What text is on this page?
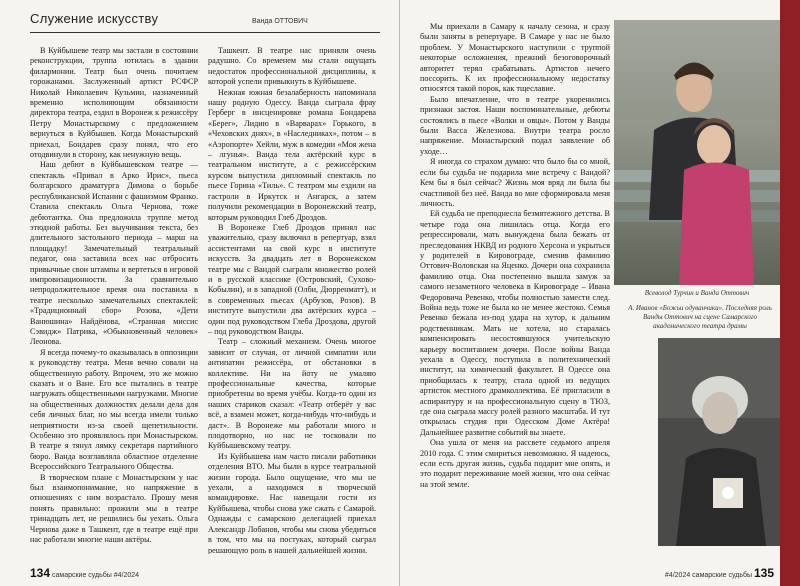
Служение искусству	Ванда ОТТОВИЧ

В Куйбышеве театр мы застали в состоянии реконструкции, труппа ютилась в здании филармонии. Театр был очень почитаем горожанами. Заслуженный артист РСФСР Николай Николаевич Кузьмин, назначенный временно исполняющим обязанности директора театра, ездил в Воронеж к режиссёру Петру Монастырскому с предложением вернуться в Куйбышев. Когда Монастырский приехал, Бондарев сразу понял, что его отодвинули в сторону, как ненужную вещь.

Наш дебют в Куйбышевском театре — спектакль «Привал в Арко Ирис», пьеса болгарского драматурга Димова о борьбе республиканской Испании с фашизмом Франко. Ставила спектакль Ольга Чернова, тоже дебютантка. Она предложила труппе метод этюдной работы. Без выучивания текста, без длительного застольного периода – марш на площадку! Замечательный театральный педагог, она заставила всех нас отбросить привычные свои штампы и вертеться в игровой импровизационности. За сравнительно непродолжительное время она поставила в театре несколько замечательных спектаклей: «Традиционный сбор» Розова, «Дети Ванюшина» Найдёнова, «Странная миссис Сэвидж» Патрика, «Обыкновенный человек» Леонова.

Я всегда почему-то оказывалась в оппозиции к руководству театра. Меня вечно совали на общественную работу. Впрочем, это же можно сказать и о Ване. Его все пытались в театре нагружать общественными нагрузками. Многие на общественных должностях делали дела для себя личных благ, но мы всегда имели только неприятности из-за своей щепетильности. Особенно это проявлялось при Монастырском. В театре я тянул лямку секретаря партийного бюро. Ванда возглавляла областное отделение Всероссийского Театрального Общества.

В творческом плане с Монастырским у нас был взаимопонимание, но напряжение в отношениях с ним возрастало. Прошу меня понять правильно: прожили мы в театре тринадцать лет, не решились бы уехать. Ольга Чернова даже в Ташкент, где в театре ещё при нас работали многие наши актёры.

Ташкент. В театре нас приняли очень радушно. Со временем мы стали ощущать недостаток профессиональной дисциплины, к которой успели привыкнуть в Куйбышеве.

Нежная южная безалаберность напоминала нашу родную Одессу. Ванда сыграла фрау Герберг в инсценировке романа Бондарева «Берег», Лидию в «Варварах» Горького, в «Чеховских днях», в «Наследниках», потом – в «Аэропорте» Хейли, муж в комедии «Моя жена – лгунья». Ванда тела актёрский курс в театральном институте, а с режиссёрским курсом выпустила дипломный спектакль по пьесе Горина «Тиль». С театром мы ездили на гастроли в Иркутск и Ангарск, а затем получили рекомендации в Воронежский театр, которым руководил Глеб Дроздов.

В Воронеже Глеб Дроздов принял нас уважительно, сразу включил в репертуар, взял ассистентами на свой курс в институте искусств. За двадцать лет в Воронежском театре мы с Вандой сыграли множество ролей и в русской классике (Островский, Сухово-Кобылин), и в западной (Олби, Дюрренматт), и в современных пьесах (Арбузов, Розов). В институте выпустили два актёрских курса – один под руководством Глеба Дроздова, другой – под руководством Ванды.

Театр – сложный механизм. Очень многое зависит от случая, от личной симпатии или антипатии режиссёра, от обстановки в коллективе. Ни на йоту не умаляю профессиональные качества, которые приобретены во время учёбы. Когда-то один из наших стариков сказал: «Театр отберёт у вас всё, а взамен может, когда-нибудь что-нибудь и даст». В Воронеже мы работали много и плодотворно, но нас не тосковали по Куйбышевскому театру.

Из Куйбышева нам часто писали работники отделения ВТО. Мы были в курсе театральной жизни города. Было ощущение, что мы не уехали, а находимся в творческой командировке. Нас навещали гости из Куйбышева, чтобы снова ужe сжать с Самарой. Однажды с самарскою делегацией приехал Александр Лобанов, чтобы мы снова убедиться в том, что мы на постуках, который сыграл решающую роль в нашей дальнейшей жизни.

134 самарские судьбы #4/2024

Мы приехали в Самару к началу сезона, и сразу были заняты в репертуаре. В Самаре у нас не было проблем. У Монастырского наступили с труппой некоторые осложнения, прежний безоговорочный авторитет терял срабатывать. Артистов нечего поссорить. К их профессиональному недостатку относятся такой порок, как тщеславие.

Было впечатление, что в театре укоренились признаки застоя. Наши воспоминательные, дебюты состоялись в пьесе «Волки и овцы». Потом у Ванды были Васса Железнова. Внутри театра росло напряжение. Монастырский подал заявление об уходе…

Я иногда со страхом думаю: что было бы со мной, если бы судьба не подарила мне встречу с Вандой? Кем бы я был сейчас? Жизнь моя вряд ли была бы счастливой без неё. Ванда во мне сформировала меня личность.

Ей судьба не преподнесла безмятежного детства. В четыре года она лишилась отца. Когда его репрессировали, мать вынуждена была бежать от преследования НКВД из родного Херсона и укрыться у родителей в Кировограде, сменив фамилию Оттович-Воловская на Яценко. Дочери она сохранила фамилию отца. Она постепенно вышла замуж за самого незаметного человека в Кировограде – Ивана Федоровича Ревенко, чтобы полностью замести след. Война ведь тоже не была ко не менее жестоко. Семья Ревенко бежала из-под удара на хутор, к дальним родственникам. Мать не хотела, но старалась компенсировать несостоявшуюся учительскую карьеру воспитанием дочери. После войны Ванда уехала в Одессу, поступила в политехнический институт, на химический факультет. В Одессе она приобщилась к театру, стала одной из ведущих артисток местного драмколлектива. Её пригласили в аспирантуру и на профессиональную сцену в ТЮЗ, где она сыграла массу ролей разного масштаба. И тут открылась студия при Одесском Доме Актёра! Дальнейшее развитие событий вы знаете.

Она ушла от меня на рассвете седьмого апреля 2010 года. С этим смириться невозможно. Я надеюсь, если есть другая жизнь, судьба подарит мне опять, и это подарит переживание моей жизни, что она сейчас на этой земле.

Всеволод Турчин и Ванда Оттович
А. Иванов «Божьи одуванчики». Последняя роль Ванды Оттович на сцене Самарского академического театра драмы
#4/2024 самарские судьбы 135
